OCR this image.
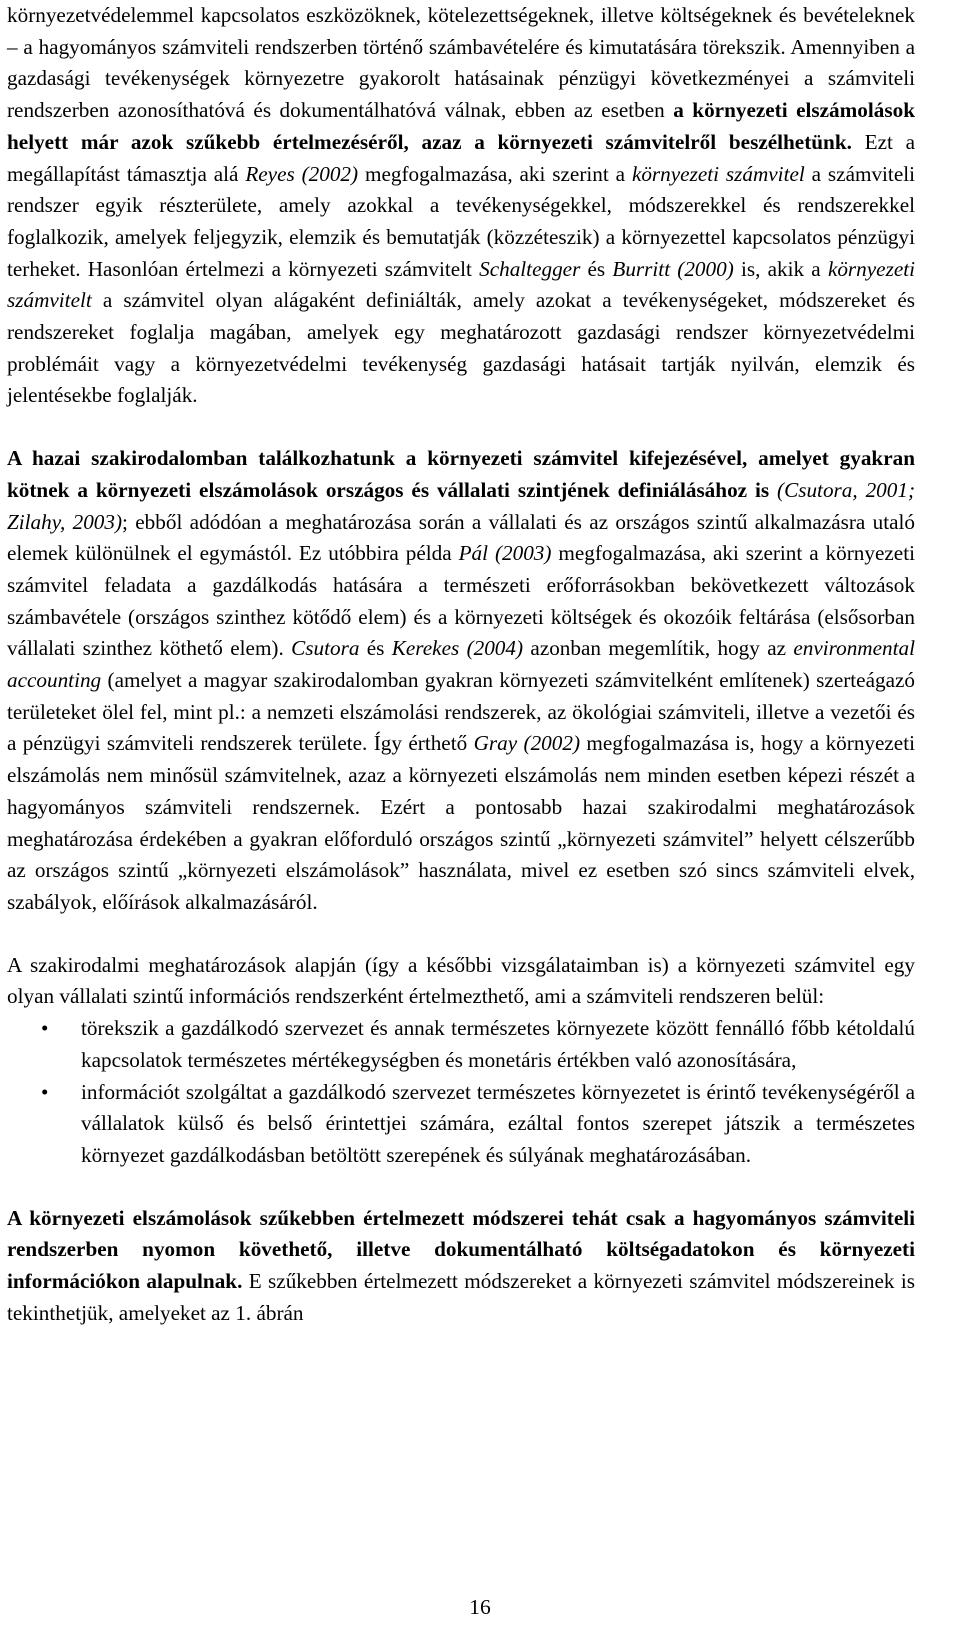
környezetvédelemmel kapcsolatos eszközöknek, kötelezettségeknek, illetve költségeknek és bevételeknek – a hagyományos számviteli rendszerben történő számbavételére és kimutatására törekszik. Amennyiben a gazdasági tevékenységek környezetre gyakorolt hatásainak pénzügyi következményei a számviteli rendszerben azonosíthatóvá és dokumentálhatóvá válnak, ebben az esetben a környezeti elszámolások helyett már azok szűkebb értelmezéséről, azaz a környezeti számvitelről beszélhetünk. Ezt a megállapítást támasztja alá Reyes (2002) megfogalmazása, aki szerint a környezeti számvitel a számviteli rendszer egyik részterülete, amely azokkal a tevékenységekkel, módszerekkel és rendszerekkel foglalkozik, amelyek feljegyzik, elemzik és bemutatják (közzéteszik) a környezettel kapcsolatos pénzügyi terheket. Hasonlóan értelmezi a környezeti számvitelt Schaltegger és Burritt (2000) is, akik a környezeti számvitelt a számvitel olyan alágaként definiálták, amely azokat a tevékenységeket, módszereket és rendszereket foglalja magában, amelyek egy meghatározott gazdasági rendszer környezetvédelmi problémáit vagy a környezetvédelmi tevékenység gazdasági hatásait tartják nyilván, elemzik és jelentésekbe foglalják.

A hazai szakirodalomban találkozhatunk a környezeti számvitel kifejezésével, amelyet gyakran kötnek a környezeti elszámolások országos és vállalati szintjének definiálásához is (Csutora, 2001; Zilahy, 2003); ebből adódóan a meghatározása során a vállalati és az országos szintű alkalmazásra utaló elemek különülnek el egymástól. Ez utóbbira példa Pál (2003) megfogalmazása, aki szerint a környezeti számvitel feladata a gazdálkodás hatására a természeti erőforrásokban bekövetkezett változások számbavétele (országos szinthez kötődő elem) és a környezeti költségek és okozóik feltárása (elsősorban vállalati szinthez köthető elem). Csutora és Kerekes (2004) azonban megemlítik, hogy az environmental accounting (amelyet a magyar szakirodalomban gyakran környezeti számvitelként említenek) szerteágazó területeket ölel fel, mint pl.: a nemzeti elszámolási rendszerek, az ökológiai számviteli, illetve a vezetői és a pénzügyi számviteli rendszerek területe. Így érthető Gray (2002) megfogalmazása is, hogy a környezeti elszámolás nem minősül számvitelnek, azaz a környezeti elszámolás nem minden esetben képezi részét a hagyományos számviteli rendszernek. Ezért a pontosabb hazai szakirodalmi meghatározások meghatározása érdekében a gyakran előforduló országos szintű „környezeti számvitel” helyett célszerűbb az országos szintű „környezeti elszámolások” használata, mivel ez esetben szó sincs számviteli elvek, szabályok, előírások alkalmazásáról.

A szakirodalmi meghatározások alapján (így a későbbi vizsgálataimban is) a környezeti számvitel egy olyan vállalati szintű információs rendszerként értelmezthető, ami a számviteli rendszeren belül:

• törekszik a gazdálkodó szervezet és annak természetes környezete között fennálló főbb kétoldalú kapcsolatok természetes mértékegységben és monetáris értékben való azonosítására,
• információt szolgáltat a gazdálkodó szervezet természetes környezetet is érintő tevékenységéről a vállalatok külső és belső érintettjei számára, ezáltal fontos szerepet játszik a természetes környezet gazdálkodásban betöltött szerepének és súlyának meghatározásában.

A környezeti elszámolások szűkebben értelmezett módszerei tehát csak a hagyományos számviteli rendszerben nyomon követhető, illetve dokumentálható költségadatokon és környezeti információkon alapulnak. E szűkebben értelmezett módszereket a környezeti számvitel módszereinek is tekinthetjük, amelyeket az 1. ábrán

16
